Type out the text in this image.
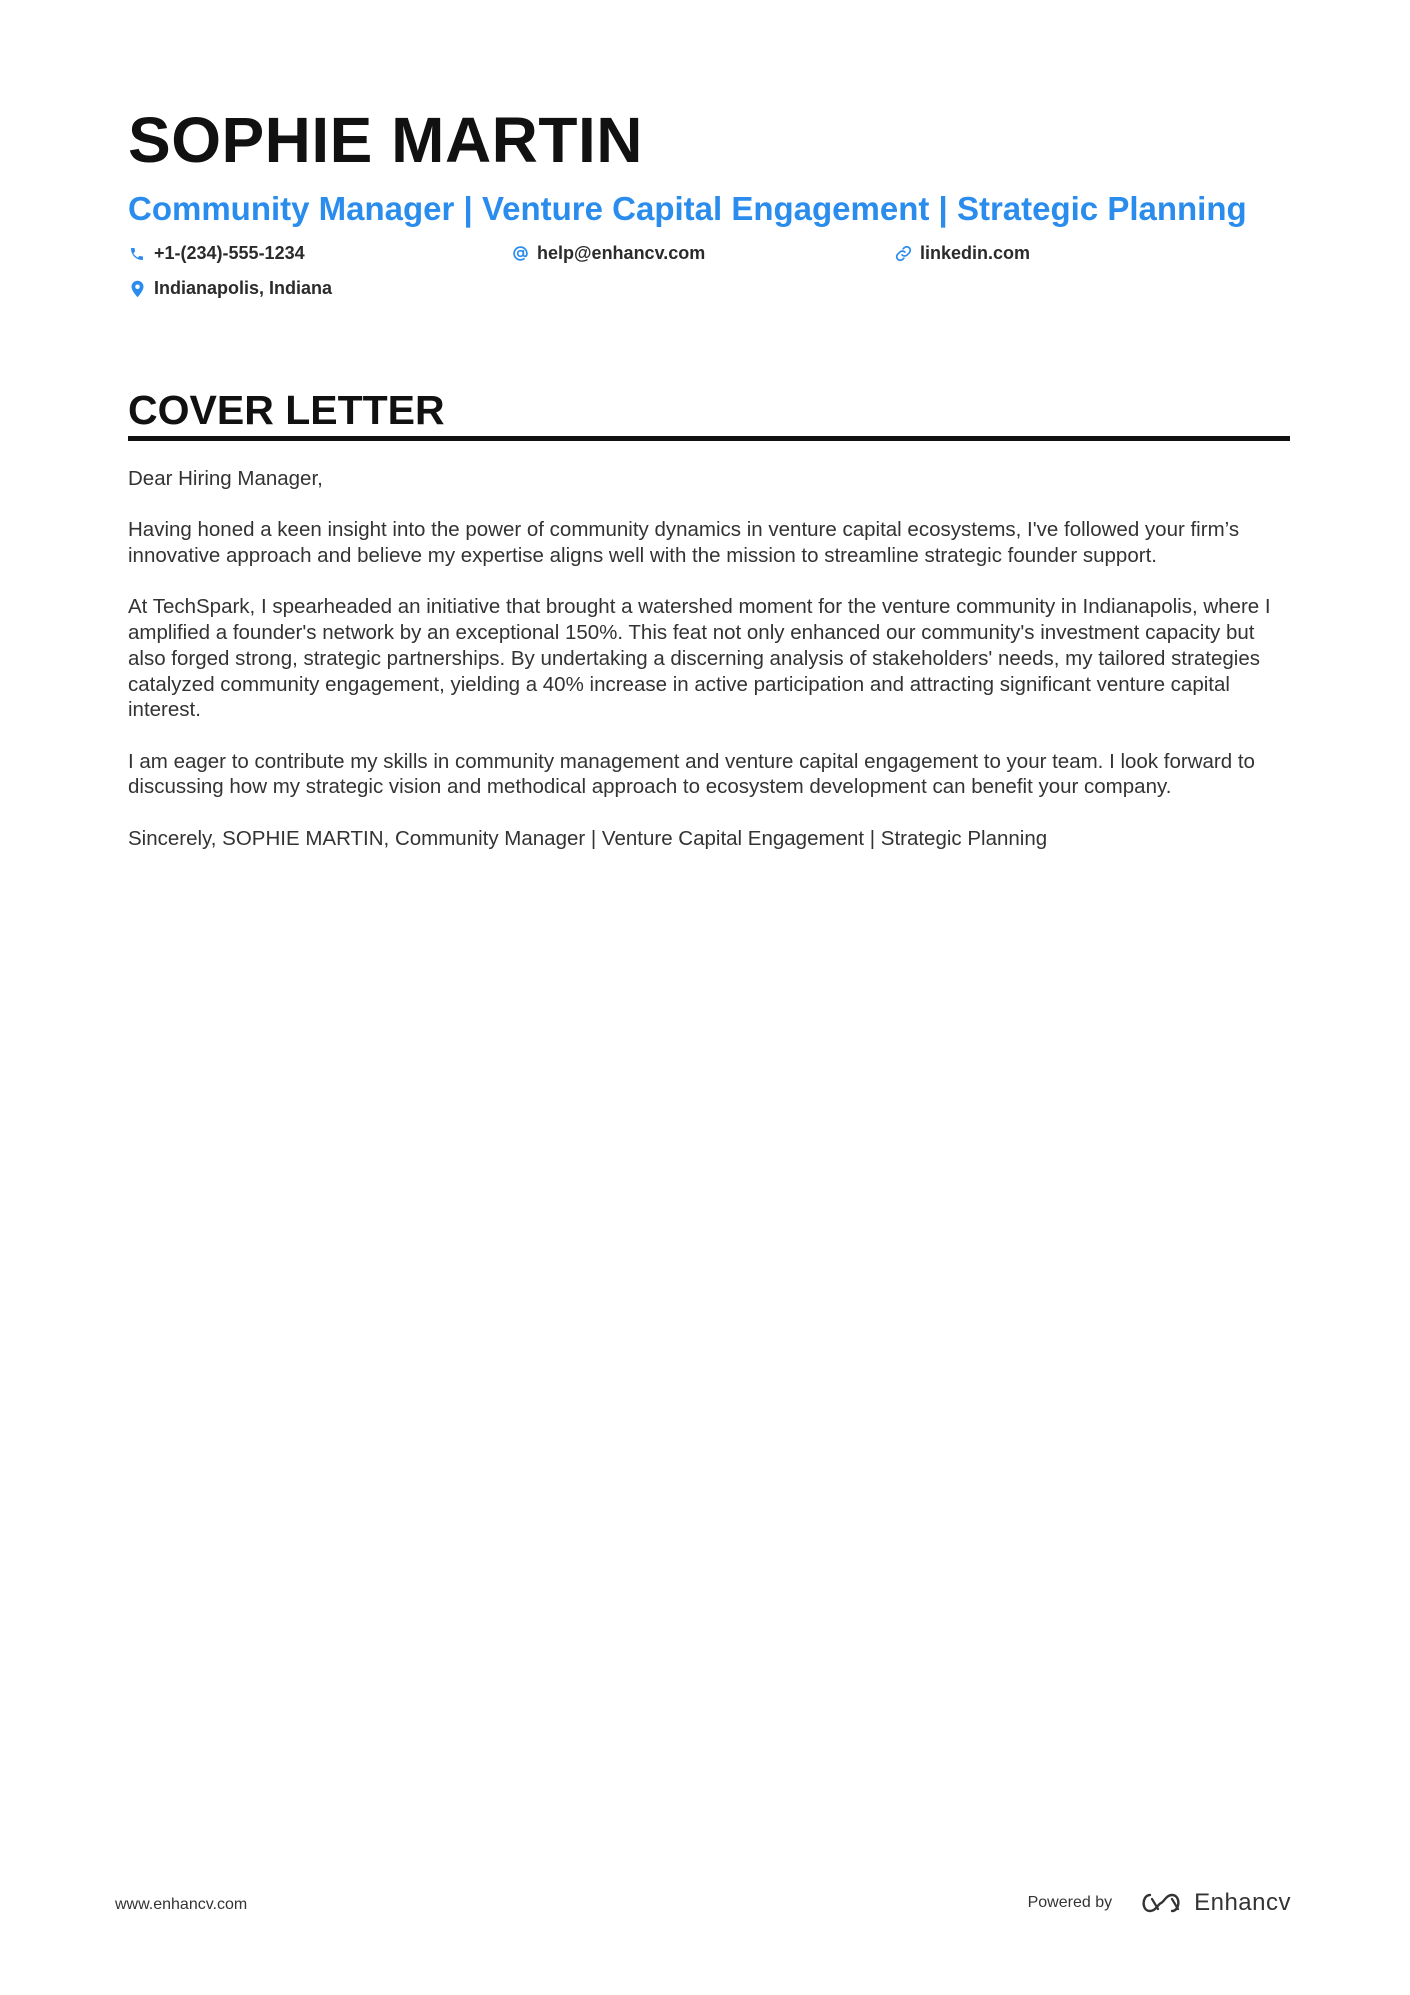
SOPHIE MARTIN
Community Manager | Venture Capital Engagement | Strategic Planning
+1-(234)-555-1234	help@enhancv.com	linkedin.com
Indianapolis, Indiana
COVER LETTER

Dear Hiring Manager,

Having honed a keen insight into the power of community dynamics in venture capital ecosystems, I've followed your firm’s innovative approach and believe my expertise aligns well with the mission to streamline strategic founder support.

At TechSpark, I spearheaded an initiative that brought a watershed moment for the venture community in Indianapolis, where I amplified a founder's network by an exceptional 150%. This feat not only enhanced our community's investment capacity but also forged strong, strategic partnerships. By undertaking a discerning analysis of stakeholders' needs, my tailored strategies catalyzed community engagement, yielding a 40% increase in active participation and attracting significant venture capital interest.

I am eager to contribute my skills in community management and venture capital engagement to your team. I look forward to discussing how my strategic vision and methodical approach to ecosystem development can benefit your company.

Sincerely, SOPHIE MARTIN, Community Manager | Venture Capital Engagement | Strategic Planning

www.enhancv.com	Powered by	Enhancv
